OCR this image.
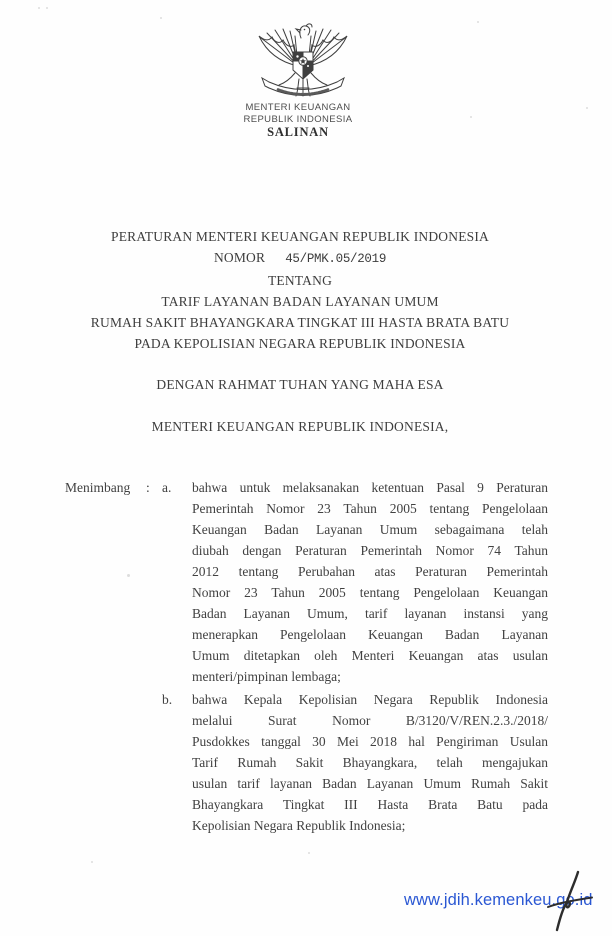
MENTERI KEUANGAN
REPUBLIK INDONESIA
SALINAN
PERATURAN MENTERI KEUANGAN REPUBLIK INDONESIA
NOMOR 45/PMK.05/2019
TENTANG
TARIF LAYANAN BADAN LAYANAN UMUM
RUMAH SAKIT BHAYANGKARA TINGKAT III HASTA BRATA BATU
PADA KEPOLISIAN NEGARA REPUBLIK INDONESIA
DENGAN RAHMAT TUHAN YANG MAHA ESA
MENTERI KEUANGAN REPUBLIK INDONESIA,
Menimbang	: a.	bahwa untuk melaksanakan ketentuan Pasal 9 Peraturan
Pemerintah Nomor 23 Tahun 2005 tentang Pengelolaan
Keuangan Badan Layanan Umum sebagaimana telah
diubah dengan Peraturan Pemerintah Nomor 74 Tahun
2012 tentang Perubahan atas Peraturan Pemerintah
Nomor 23 Tahun 2005 tentang Pengelolaan Keuangan
Badan Layanan Umum, tarif layanan instansi yang
menerapkan Pengelolaan Keuangan Badan Layanan
Umum ditetapkan oleh Menteri Keuangan atas usulan
menteri/pimpinan lembaga;
b.	bahwa Kepala Kepolisian Negara Republik Indonesia
melalui Surat Nomor B/3120/V/REN.2.3./2018/
Pusdokkes tanggal 30 Mei 2018 hal Pengiriman Usulan
Tarif Rumah Sakit Bhayangkara, telah mengajukan
usulan tarif layanan Badan Layanan Umum Rumah Sakit
Bhayangkara Tingkat III Hasta Brata Batu pada
Kepolisian Negara Republik Indonesia;
www.jdih.kemenkeu.go.id
